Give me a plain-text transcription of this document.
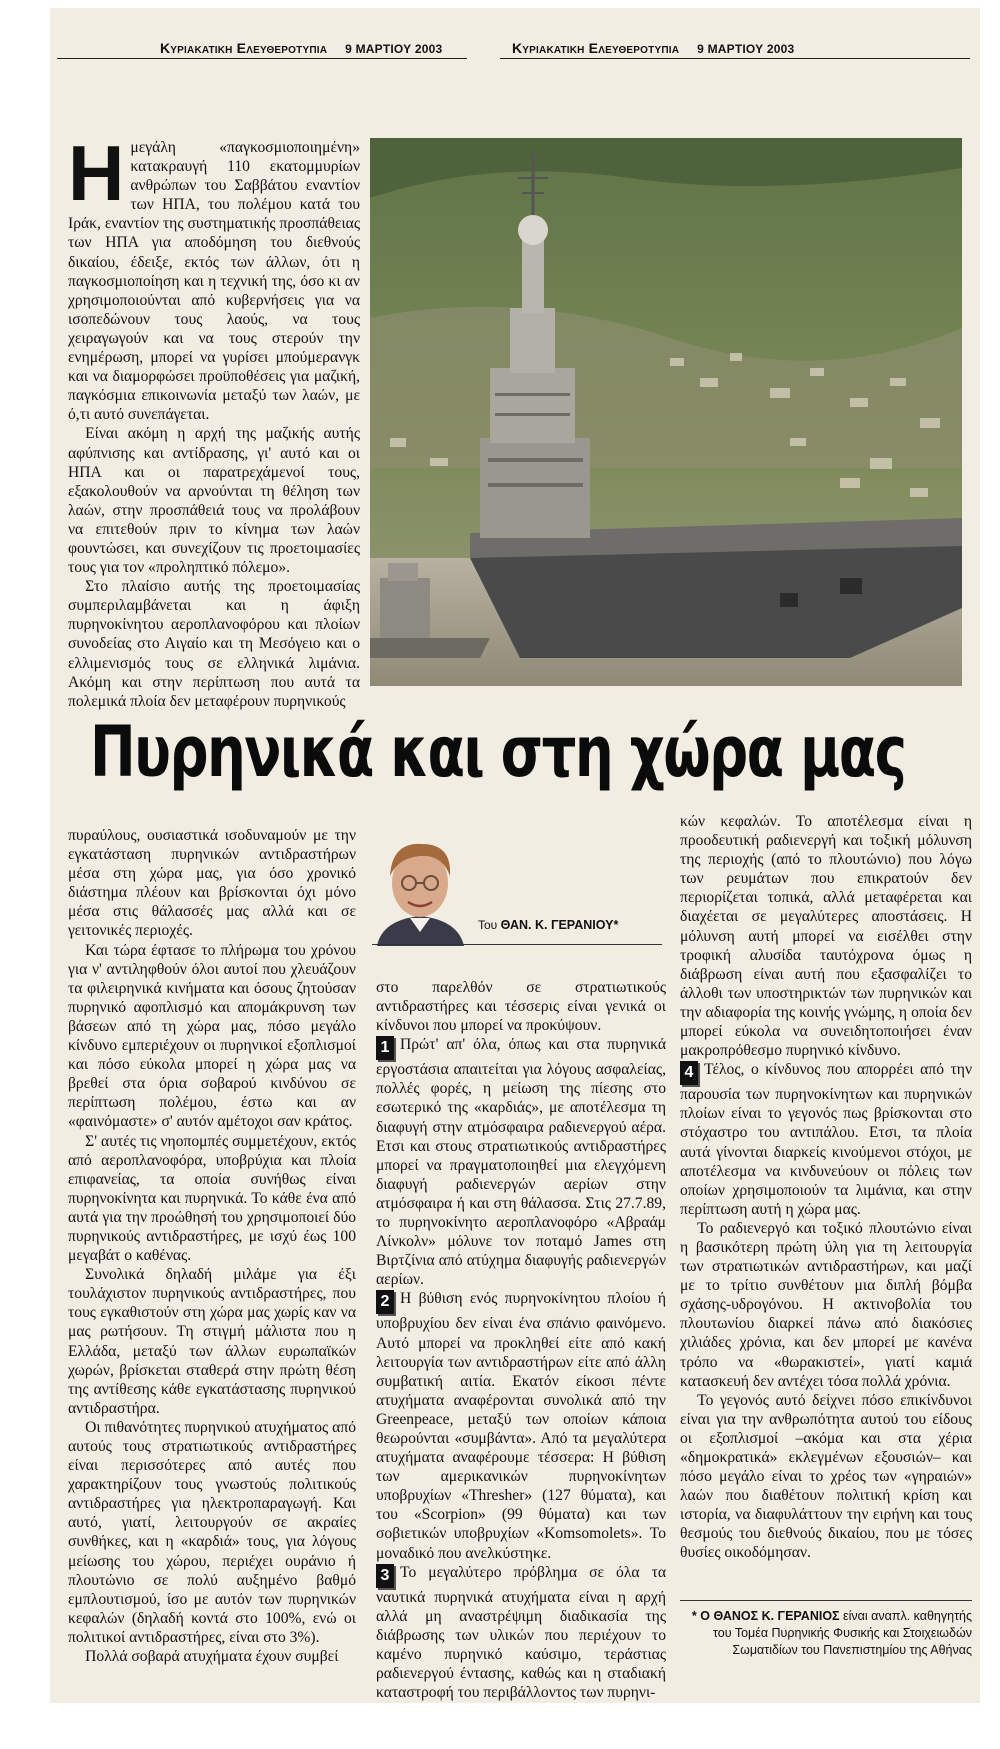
Κυριακατικη Ελευθεροτυπια 9 ΜΑΡΤΙΟΥ 2003	Κυριακατικη Ελευθεροτυπια 9 ΜΑΡΤΙΟΥ 2003

Ημεγάλη «παγκοσμιοποιημένη» κατακραυγή 110 εκατομμυρίων ανθρώπων του Σαββάτου εναντίον των ΗΠΑ, του πολέμου κατά του Ιράκ, εναντίον της συστηματικής προσπάθειας των ΗΠΑ για αποδόμηση του διεθνούς δικαίου, έδειξε, εκτός των άλλων, ότι η παγκοσμιοποίηση και η τεχνική της, όσο κι αν χρησιμοποιούνται από κυβερνήσεις για να ισοπεδώνουν τους λαούς, να τους χειραγωγούν και να τους στερούν την ενημέρωση, μπορεί να γυρίσει μπούμερανγκ και να διαμορφώσει προϋποθέσεις για μαζική, παγκόσμια επικοινωνία μεταξύ των λαών, με ό,τι αυτό συνεπάγεται.

Είναι ακόμη η αρχή της μαζικής αυτής αφύπνισης και αντίδρασης, γι' αυτό και οι ΗΠΑ και οι παρατρεχάμενοί τους, εξακολουθούν να αρνούνται τη θέληση των λαών, στην προσπάθειά τους να προλάβουν να επιτεθούν πριν το κίνημα των λαών φουντώσει, και συνεχίζουν τις προετοιμασίες τους για τον «προληπτικό πόλεμο».

Στο πλαίσιο αυτής της προετοιμασίας συμπεριλαμβάνεται και η άφιξη πυρηνοκίνητου αεροπλανοφόρου και πλοίων συνοδείας στο Αιγαίο και τη Μεσόγειο και ο ελλιμενισμός τους σε ελληνικά λιμάνια. Ακόμη και στην περίπτωση που αυτά τα πολεμικά πλοία δεν μεταφέρουν πυρηνικούς

Πυρηνικά και στη χώρα μας

πυραύλους, ουσιαστικά ισοδυναμούν με την εγκατάσταση πυρηνικών αντιδραστήρων μέσα στη χώρα μας, για όσο χρονικό διάστημα πλέουν και βρίσκονται όχι μόνο μέσα στις θάλασσές μας αλλά και σε γειτονικές περιοχές.

Και τώρα έφτασε το πλήρωμα του χρόνου για ν' αντιληφθούν όλοι αυτοί που χλευάζουν τα φιλειρηνικά κινήματα και όσους ζητούσαν πυρηνικό αφοπλισμό και απομάκρυνση των βάσεων από τη χώρα μας, πόσο μεγάλο κίνδυνο εμπεριέχουν οι πυρηνικοί εξοπλισμοί και πόσο εύκολα μπορεί η χώρα μας να βρεθεί στα όρια σοβαρού κινδύνου σε περίπτωση πολέμου, έστω και αν «φαινόμαστε» σ' αυτόν αμέτοχοι σαν κράτος.

Σ' αυτές τις νηοπομπές συμμετέχουν, εκτός από αεροπλανοφόρα, υποβρύχια και πλοία επιφανείας, τα οποία συνήθως είναι πυρηνοκίνητα και πυρηνικά. Το κάθε ένα από αυτά για την προώθησή του χρησιμοποιεί δύο πυρηνικούς αντιδραστήρες, με ισχύ έως 100 μεγαβάτ ο καθένας.

Συνολικά δηλαδή μιλάμε για έξι τουλάχιστον πυρηνικούς αντιδραστήρες, που τους εγκαθιστούν στη χώρα μας χωρίς καν να μας ρωτήσουν. Τη στιγμή μάλιστα που η Ελλάδα, μεταξύ των άλλων ευρωπαϊκών χωρών, βρίσκεται σταθερά στην πρώτη θέση της αντίθεσης κάθε εγκατάστασης πυρηνικού αντιδραστήρα.

Οι πιθανότητες πυρηνικού ατυχήματος από αυτούς τους στρατιωτικούς αντιδραστήρες είναι περισσότερες από αυτές που χαρακτηρίζουν τους γνωστούς πολιτικούς αντιδραστήρες για ηλεκτροπαραγωγή. Και αυτό, γιατί, λειτουργούν σε ακραίες συνθήκες, και η «καρδιά» τους, για λόγους μείωσης του χώρου, περιέχει ουράνιο ή πλουτώνιο σε πολύ αυξημένο βαθμό εμπλουτισμού, ίσο με αυτόν των πυρηνικών κεφαλών (δηλαδή κοντά στο 100%, ενώ οι πολιτικοί αντιδραστήρες, είναι στο 3%).

Πολλά σοβαρά ατυχήματα έχουν συμβεί

Του ΘΑΝ. Κ. ΓΕΡΑΝΙΟΥ*

στο παρελθόν σε στρατιωτικούς αντιδραστήρες και τέσσερις είναι γενικά οι κίνδυνοι που μπορεί να προκύψουν.

1 Πρώτ' απ' όλα, όπως και στα πυρηνικά εργοστάσια απαιτείται για λόγους ασφαλείας, πολλές φορές, η μείωση της πίεσης στο εσωτερικό της «καρδιάς», με αποτέλεσμα τη διαφυγή στην ατμόσφαιρα ραδιενεργού αέρα. Ετσι και στους στρατιωτικούς αντιδραστήρες μπορεί να πραγματοποιηθεί μια ελεγχόμενη διαφυγή ραδιενεργών αερίων στην ατμόσφαιρα ή και στη θάλασσα. Στις 27.7.89, το πυρηνοκίνητο αεροπλανοφόρο «Αβραάμ Λίνκολν» μόλυνε τον ποταμό James στη Βιρτζίνια από ατύχημα διαφυγής ραδιενεργών αερίων.

2 Η βύθιση ενός πυρηνοκίνητου πλοίου ή υποβρυχίου δεν είναι ένα σπάνιο φαινόμενο. Αυτό μπορεί να προκληθεί είτε από κακή λειτουργία των αντιδραστήρων είτε από άλλη συμβατική αιτία. Εκατόν είκοσι πέντε ατυχήματα αναφέρονται συνολικά από την Greenpeace, μεταξύ των οποίων κάποια θεωρούνται «συμβάντα». Από τα μεγαλύτερα ατυχήματα αναφέρουμε τέσσερα: Η βύθιση των αμερικανικών πυρηνοκίνητων υποβρυχίων «Thresher» (127 θύματα), και του «Scorpion» (99 θύματα) και των σοβιετικών υποβρυχίων «Komsomolets». Το μοναδικό που ανελκύστηκε.

3 Το μεγαλύτερο πρόβλημα σε όλα τα ναυτικά πυρηνικά ατυχήματα είναι η αρχή αλλά μη αναστρέψιμη διαδικασία της διάβρωσης των υλικών που περιέχουν το καμένο πυρηνικό καύσιμο, τεράστιας ραδιενεργού έντασης, καθώς και η σταδιακή καταστροφή του περιβάλλοντος των πυρηνι-

κών κεφαλών. Το αποτέλεσμα είναι η προοδευτική ραδιενεργή και τοξική μόλυνση της περιοχής (από το πλουτώνιο) που λόγω των ρευμάτων που επικρατούν δεν περιορίζεται τοπικά, αλλά μεταφέρεται και διαχέεται σε μεγαλύτερες αποστάσεις. Η μόλυνση αυτή μπορεί να εισέλθει στην τροφική αλυσίδα ταυτόχρονα όμως η διάβρωση είναι αυτή που εξασφαλίζει το άλλοθι των υποστηρικτών των πυρηνικών και την αδιαφορία της κοινής γνώμης, η οποία δεν μπορεί εύκολα να συνειδητοποιήσει έναν μακροπρόθεσμο πυρηνικό κίνδυνο.

4 Τέλος, ο κίνδυνος που απορρέει από την παρουσία των πυρηνοκίνητων και πυρηνικών πλοίων είναι το γεγονός πως βρίσκονται στο στόχαστρο του αντιπάλου. Ετσι, τα πλοία αυτά γίνονται διαρκείς κινούμενοι στόχοι, με αποτέλεσμα να κινδυνεύουν οι πόλεις των οποίων χρησιμοποιούν τα λιμάνια, και στην περίπτωση αυτή η χώρα μας.

Το ραδιενεργό και τοξικό πλουτώνιο είναι η βασικότερη πρώτη ύλη για τη λειτουργία των στρατιωτικών αντιδραστήρων, και μαζί με το τρίτιο συνθέτουν μια διπλή βόμβα σχάσης-υδρογόνου. Η ακτινοβολία του πλουτωνίου διαρκεί πάνω από διακόσιες χιλιάδες χρόνια, και δεν μπορεί με κανένα τρόπο να «θωρακιστεί», γιατί καμιά κατασκευή δεν αντέχει τόσα πολλά χρόνια.

Το γεγονός αυτό δείχνει πόσο επικίνδυνοι είναι για την ανθρωπότητα αυτού του είδους οι εξοπλισμοί –ακόμα και στα χέρια «δημοκρατικά» εκλεγμένων εξουσιών– και πόσο μεγάλο είναι το χρέος των «γηραιών» λαών που διαθέτουν πολιτική κρίση και ιστορία, να διαφυλάττουν την ειρήνη και τους θεσμούς του διεθνούς δικαίου, που με τόσες θυσίες οικοδόμησαν.

* Ο ΘΑΝΟΣ Κ. ΓΕΡΑΝΙΟΣ είναι αναπλ. καθηγητής του Τομέα Πυρηνικής Φυσικής και Στοιχειωδών Σωματιδίων του Πανεπιστημίου της Αθήνας
